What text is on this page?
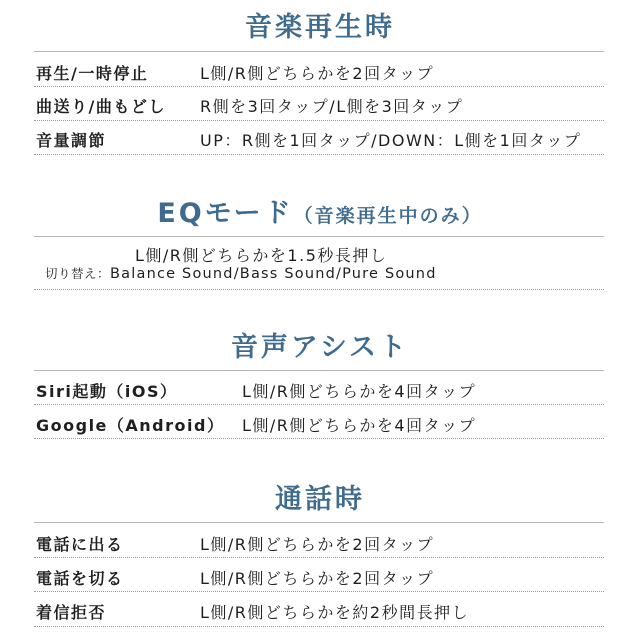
音楽再生時
再生/一時停止	L側/R側どちらかを2回タップ
曲送り/曲もどし R側を3回タップ/L側を3回タップ
音量調節	UP：R側を1回タップ/DOWN：L側を1回タップ
EQモード（音楽再生中のみ）
L側/R側どちらかを1.5秒長押し
切り替え：Balance Sound/Bass Sound/Pure Sound
音声アシスト
Siri起動（iOS）	L側/R側どちらかを4回タップ
Google（Android） L側/R側どちらかを4回タップ
通話時
電話に出る	L側/R側どちらかを2回タップ
電話を切る	L側/R側どちらかを2回タップ
着信拒否	L側/R側どちらかを約2秒間長押し
